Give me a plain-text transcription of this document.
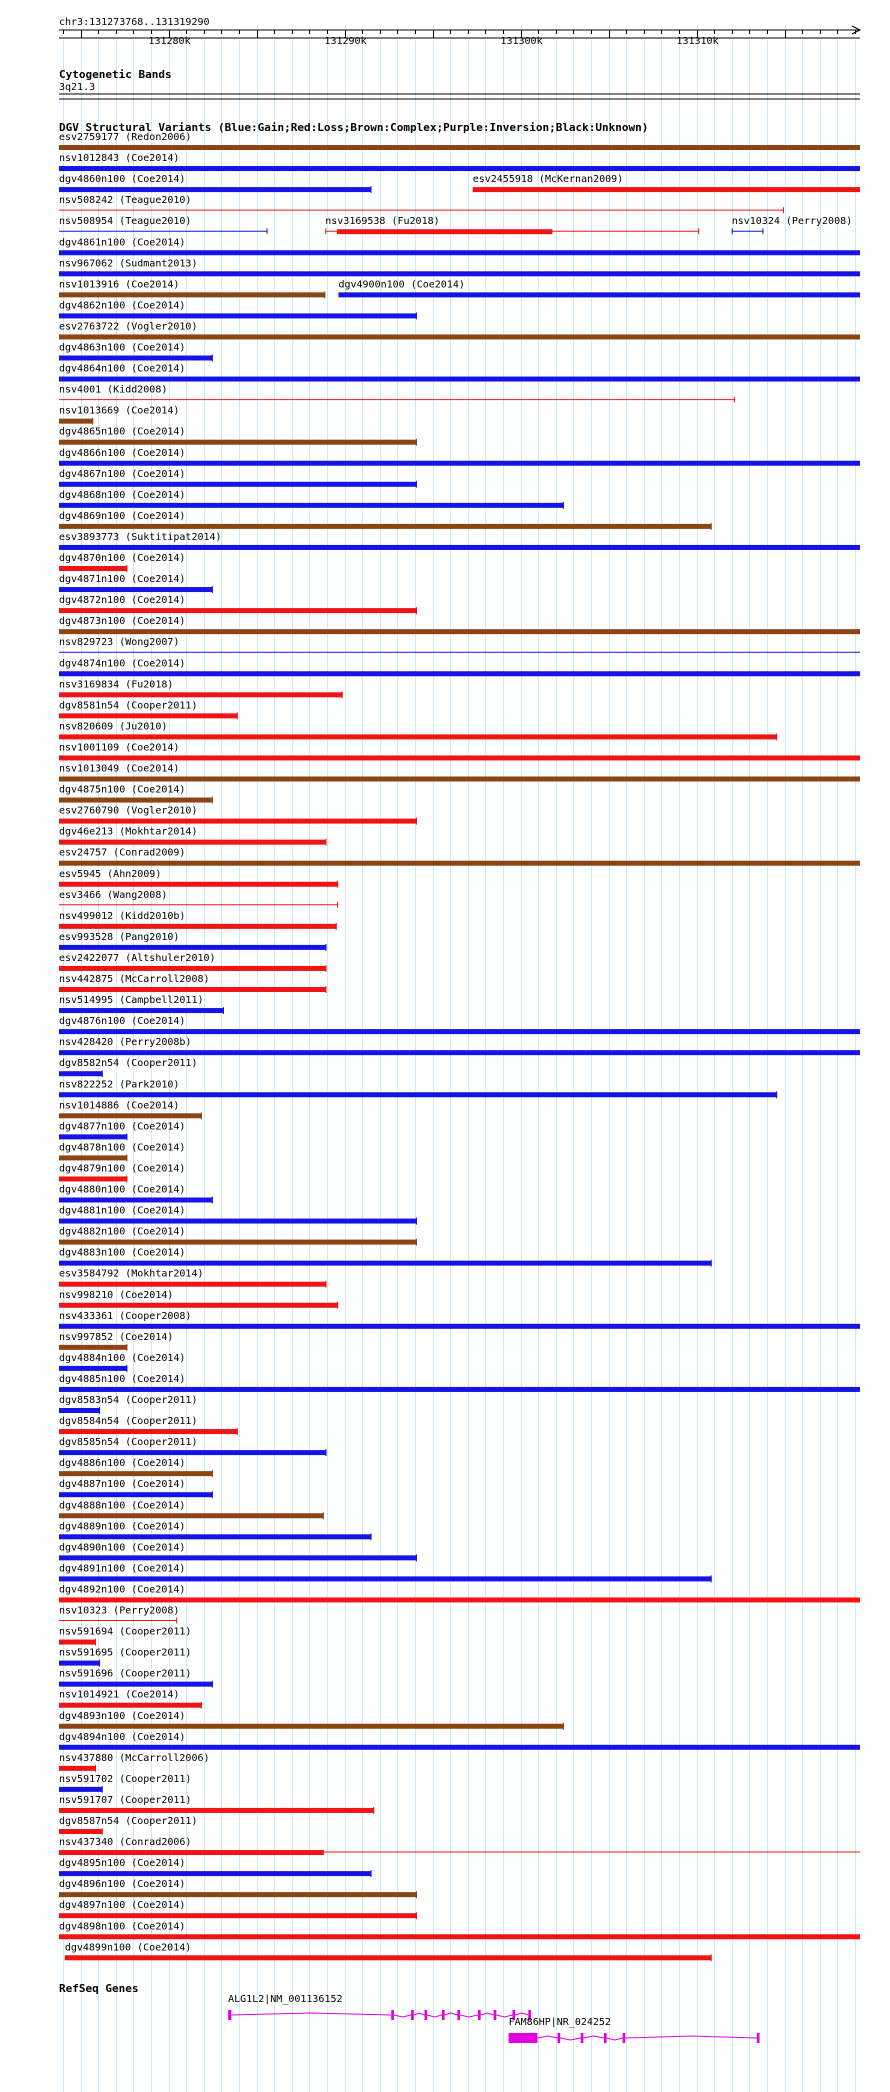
chr3:131273768..131319290
131280k	131290k	131300k	131310k
Cytogenetic Bands
3q21.3
DGV Structural Variants (Blue:Gain;Red:Loss;Brown:Complex;Purple:Inversion;Black:Unknown)
esv2759177 (Redon2006)
nsv1012843 (Coe2014)
dgv4860n100 (Coe2014)	esv2455918 (McKernan2009)
nsv508242 (Teague2010)
nsv508954 (Teague2010)	nsv3169538 (Fu2018)	nsv10324 (Perry2008)
dgv4861n100 (Coe2014)
nsv967062 (Sudmant2013)
nsv1013916 (Coe2014)	dgv4900n100 (Coe2014)
dgv4862n100 (Coe2014)
esv2763722 (Vogler2010)
dgv4863n100 (Coe2014)
dgv4864n100 (Coe2014)
nsv4001 (Kidd2008)
nsv1013669 (Coe2014)
dgv4865n100 (Coe2014)
dgv4866n100 (Coe2014)
dgv4867n100 (Coe2014)
dgv4868n100 (Coe2014)
dgv4869n100 (Coe2014)
esv3893773 (Suktitipat2014)
dgv4870n100 (Coe2014)
dgv4871n100 (Coe2014)
dgv4872n100 (Coe2014)
dgv4873n100 (Coe2014)
nsv829723 (Wong2007)
dgv4874n100 (Coe2014)
nsv3169834 (Fu2018)
dgv8581n54 (Cooper2011)
nsv820609 (Ju2010)
nsv1001109 (Coe2014)
nsv1013049 (Coe2014)
dgv4875n100 (Coe2014)
esv2760790 (Vogler2010)
dgv46e213 (Mokhtar2014)
esv24757 (Conrad2009)
esv5945 (Ahn2009)
esv3466 (Wang2008)
nsv499012 (Kidd2010b)
esv993528 (Pang2010)
esv2422077 (Altshuler2010)
nsv442875 (McCarroll2008)
nsv514995 (Campbell2011)
dgv4876n100 (Coe2014)
nsv428420 (Perry2008b)
dgv8582n54 (Cooper2011)
nsv822252 (Park2010)
nsv1014886 (Coe2014)
dgv4877n100 (Coe2014)
dgv4878n100 (Coe2014)
dgv4879n100 (Coe2014)
dgv4880n100 (Coe2014)
dgv4881n100 (Coe2014)
dgv4882n100 (Coe2014)
dgv4883n100 (Coe2014)
esv3584792 (Mokhtar2014)
nsv998210 (Coe2014)
nsv433361 (Cooper2008)
nsv997852 (Coe2014)
dgv4884n100 (Coe2014)
dgv4885n100 (Coe2014)
dgv8583n54 (Cooper2011)
dgv8584n54 (Cooper2011)
dgv8585n54 (Cooper2011)
dgv4886n100 (Coe2014)
dgv4887n100 (Coe2014)
dgv4888n100 (Coe2014)
dgv4889n100 (Coe2014)
dgv4890n100 (Coe2014)
dgv4891n100 (Coe2014)
dgv4892n100 (Coe2014)
nsv10323 (Perry2008)
nsv591694 (Cooper2011)
nsv591695 (Cooper2011)
nsv591696 (Cooper2011)
nsv1014921 (Coe2014)
dgv4893n100 (Coe2014)
dgv4894n100 (Coe2014)
nsv437880 (McCarroll2006)
nsv591702 (Cooper2011)
nsv591707 (Cooper2011)
dgv8587n54 (Cooper2011)
nsv437340 (Conrad2006)
dgv4895n100 (Coe2014)
dgv4896n100 (Coe2014)
dgv4897n100 (Coe2014)
dgv4898n100 (Coe2014)
dgv4899n100 (Coe2014)
RefSeq Genes
ALG1L2|NM_001136152
FAM86HP|NR_024252
